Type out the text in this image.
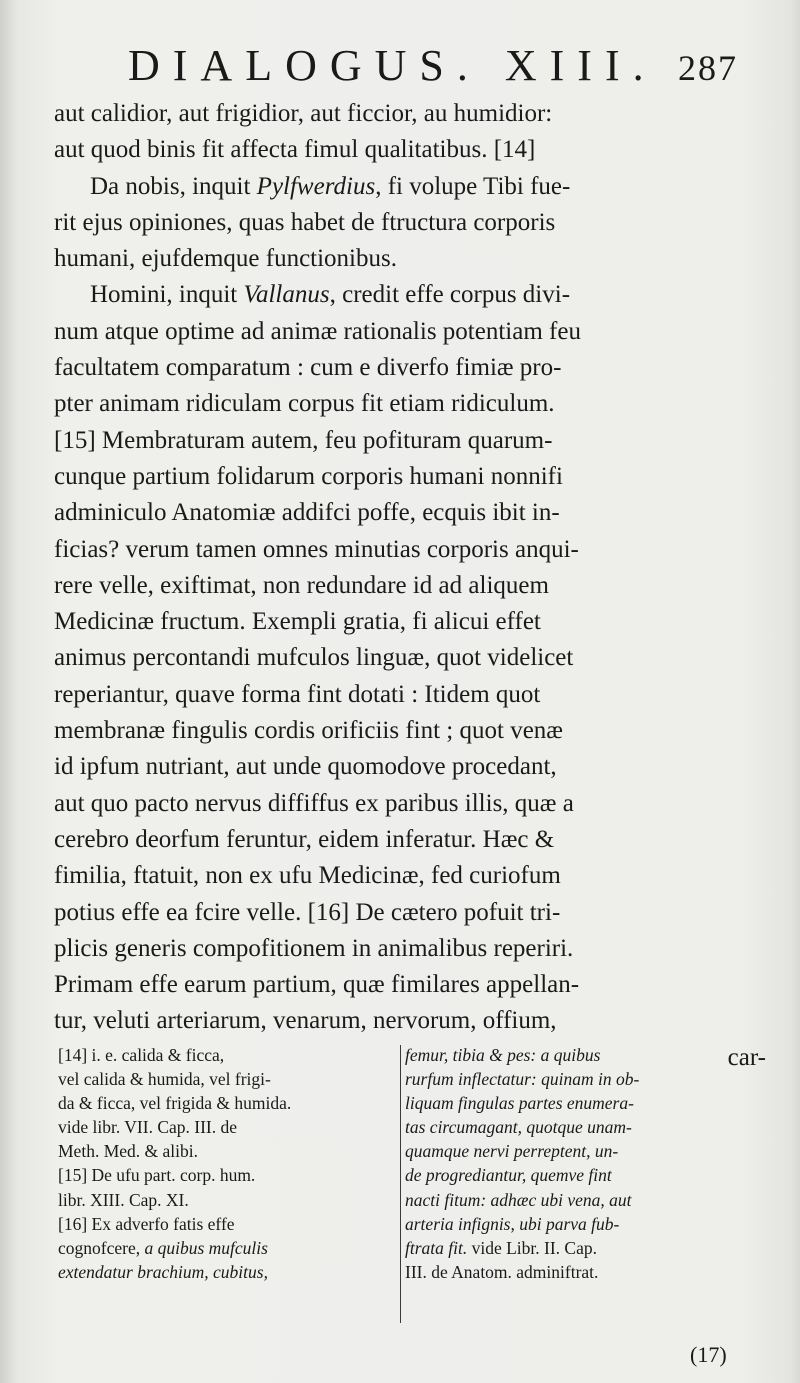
DIALOGUS. XIII. 287
aut calidior, aut frigidior, aut ficcior, au humidior:
aut quod binis fit affecta fimul qualitatibus. [14]
Da nobis, inquit Pylfwerdius, fi volupe Tibi fue-
rit ejus opiniones, quas habet de ftructura corporis
humani, ejufdemque functionibus.
Homini, inquit Vallanus, credit effe corpus divi-
num atque optime ad animæ rationalis potentiam feu
facultatem comparatum : cum e diverfo fimiæ pro-
pter animam ridiculam corpus fit etiam ridiculum.
[15] Membraturam autem, feu pofituram quarum-
cunque partium folidarum corporis humani nonnifi
adminiculo Anatomiæ addifci poffe, ecquis ibit in-
ficias? verum tamen omnes minutias corporis anqui-
rere velle, exiftimat, non redundare id ad aliquem
Medicinæ fructum. Exempli gratia, fi alicui effet
animus percontandi mufculos linguæ, quot videlicet
reperiantur, quave forma fint dotati : Itidem quot
membranæ fingulis cordis orificiis fint ; quot venæ
id ipfum nutriant, aut unde quomodove procedant,
aut quo pacto nervus diffiffus ex paribus illis, quæ a
cerebro deorfum feruntur, eidem inferatur. Hæc &
fimilia, ftatuit, non ex ufu Medicinæ, fed curiofum
potius effe ea fcire velle. [16] De cætero pofuit tri-
plicis generis compofitionem in animalibus reperiri.
Primam effe earum partium, quæ fimilares appellan-
tur, veluti arteriarum, venarum, nervorum, offium,
car-
[14] i. e. calida & ficca,
vel calida & humida, vel frigi-
da & ficca, vel frigida & humida.
vide libr. VII. Cap. III. de
Meth. Med. & alibi.
[15] De ufu part. corp. hum.
libr. XIII. Cap. XI.
[16] Ex adverfo fatis effe
cognofcere, a quibus mufculis
extendatur brachium, cubitus,
femur, tibia & pes: a quibus
rurfum inflectatur: quinam in ob-
liquam fingulas partes enumera-
tas circumagant, quotque unam-
quamque nervi perreptent, un-
de progrediantur, quemve fint
nacti fitum: adhæc ubi vena, aut
arteria infignis, ubi parva fub-
ftrata fit. vide Libr. II. Cap.
III. de Anatom. adminiftrat.
(17)
